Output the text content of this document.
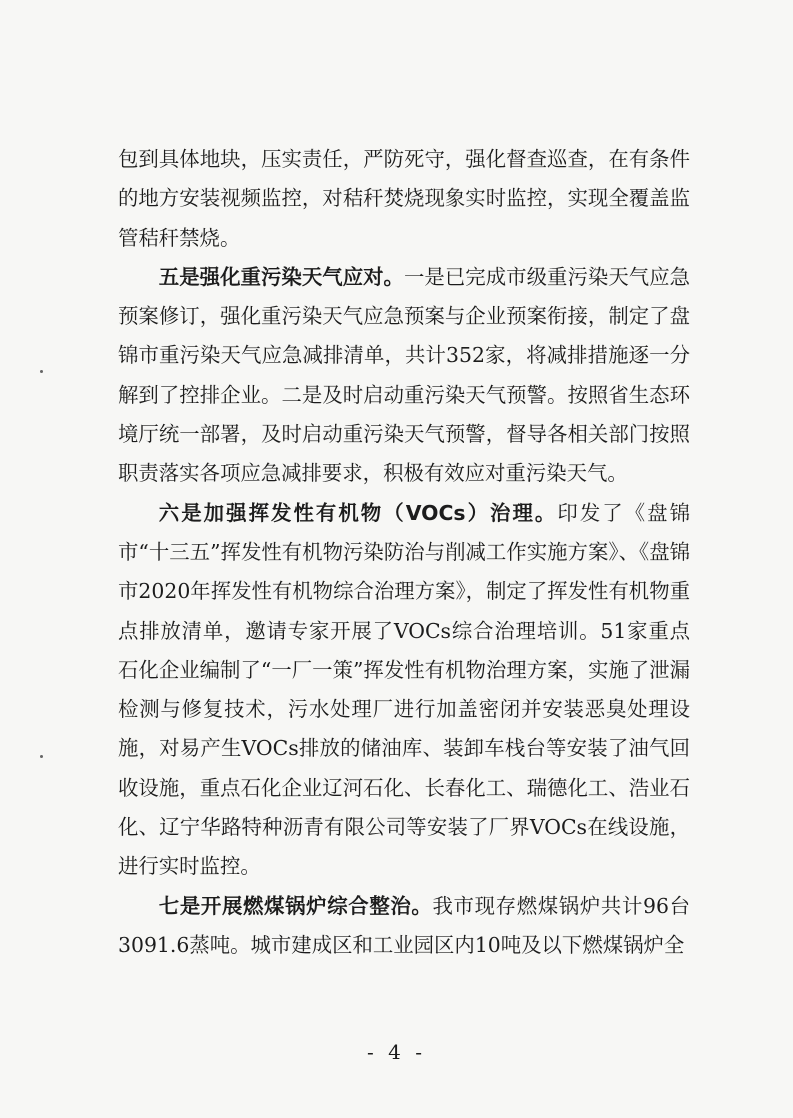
包到具体地块，压实责任，严防死守，强化督查巡查，在有条件的地方安装视频监控，对秸秆焚烧现象实时监控，实现全覆盖监管秸秆禁烧。

五是强化重污染天气应对。一是已完成市级重污染天气应急预案修订，强化重污染天气应急预案与企业预案衔接，制定了盘锦市重污染天气应急减排清单，共计352家，将减排措施逐一分解到了控排企业。二是及时启动重污染天气预警。按照省生态环境厅统一部署，及时启动重污染天气预警，督导各相关部门按照职责落实各项应急减排要求，积极有效应对重污染天气。

六是加强挥发性有机物（VOCs）治理。印发了《盘锦市“十三五”挥发性有机物污染防治与削减工作实施方案》、《盘锦市2020年挥发性有机物综合治理方案》，制定了挥发性有机物重点排放清单，邀请专家开展了VOCs综合治理培训。51家重点石化企业编制了“一厂一策”挥发性有机物治理方案，实施了泄漏检测与修复技术，污水处理厂进行加盖密闭并安装恶臭处理设施，对易产生VOCs排放的储油库、装卸车栈台等安装了油气回收设施，重点石化企业辽河石化、长春化工、瑞德化工、浩业石化、辽宁华路特种沥青有限公司等安装了厂界VOCs在线设施，进行实时监控。

七是开展燃煤锅炉综合整治。我市现存燃煤锅炉共计96台3091.6蒸吨。城市建成区和工业园区内10吨及以下燃煤锅炉全

- 4 -
